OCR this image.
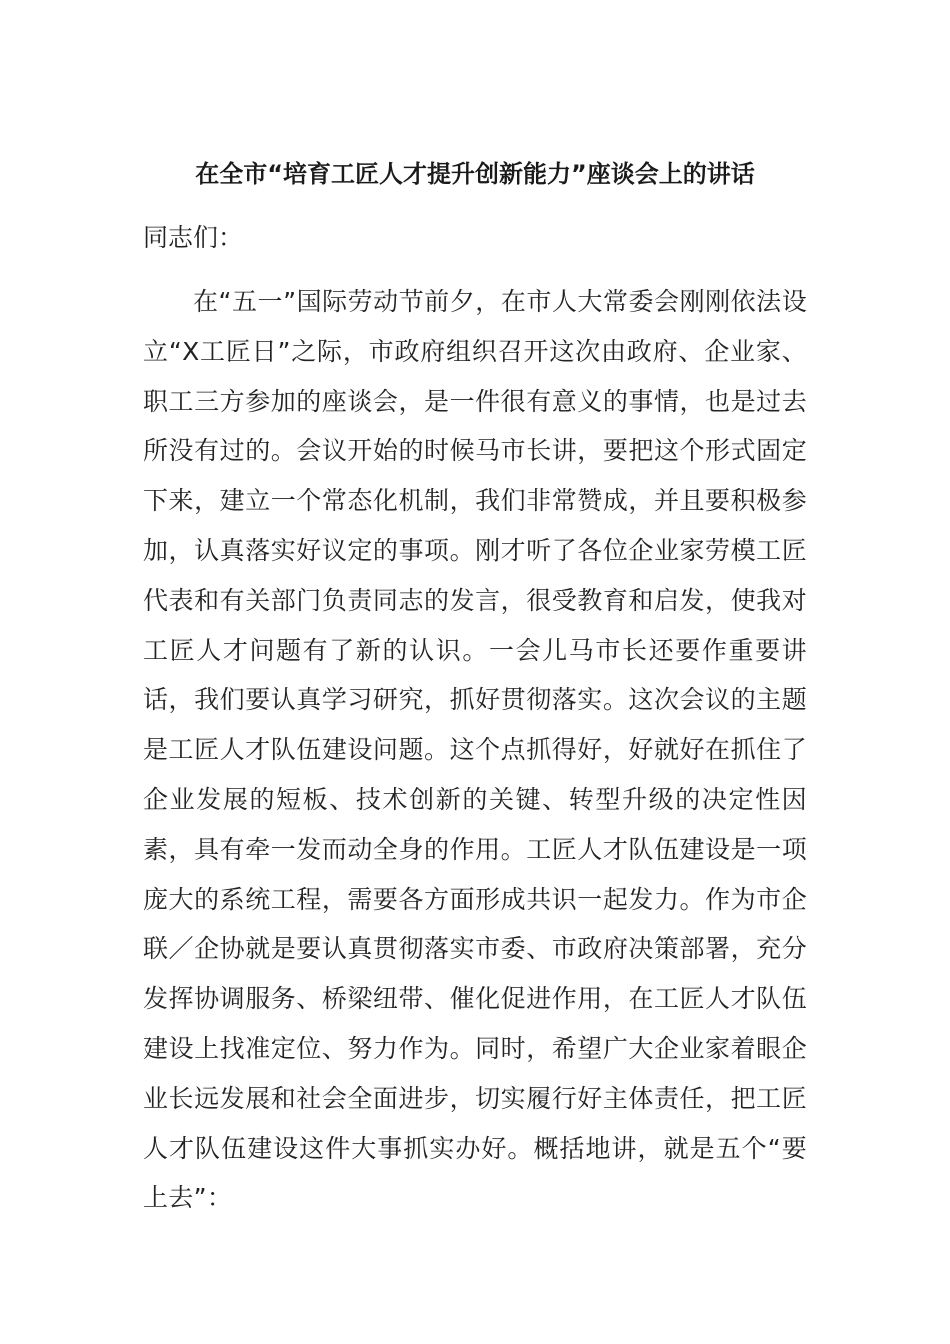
在全市“培育工匠人才提升创新能力”座谈会上的讲话

同志们：

在“五一”国际劳动节前夕，在市人大常委会刚刚依法设立“X工匠日”之际，市政府组织召开这次由政府、企业家、职工三方参加的座谈会，是一件很有意义的事情，也是过去所没有过的。会议开始的时候马市长讲，要把这个形式固定下来，建立一个常态化机制，我们非常赞成，并且要积极参加，认真落实好议定的事项。刚才听了各位企业家劳模工匠代表和有关部门负责同志的发言，很受教育和启发，使我对工匠人才问题有了新的认识。一会儿马市长还要作重要讲话，我们要认真学习研究，抓好贯彻落实。这次会议的主题是工匠人才队伍建设问题。这个点抓得好，好就好在抓住了企业发展的短板、技术创新的关键、转型升级的决定性因素，具有牵一发而动全身的作用。工匠人才队伍建设是一项庞大的系统工程，需要各方面形成共识一起发力。作为市企联／企协就是要认真贯彻落实市委、市政府决策部署，充分发挥协调服务、桥梁纽带、催化促进作用，在工匠人才队伍建设上找准定位、努力作为。同时，希望广大企业家着眼企业长远发展和社会全面进步，切实履行好主体责任，把工匠人才队伍建设这件大事抓实办好。概括地讲，就是五个“要上去”：
